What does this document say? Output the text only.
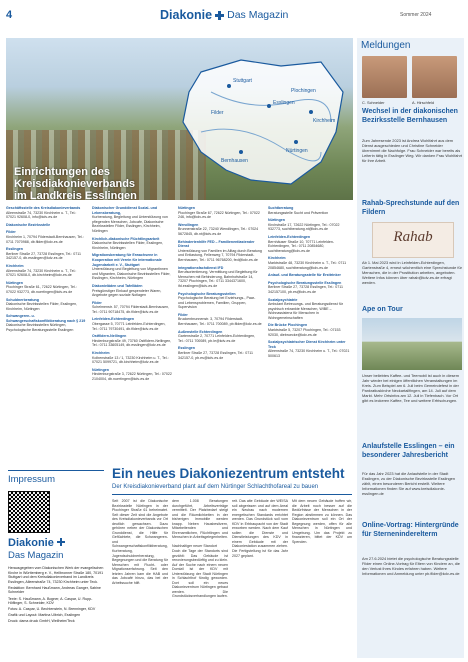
4	Diakonie Das Magazin	Sommer 2024
Stuttgart
Esslingen
Nürtingen
Kirchheim
Filder
Bernhausen
Plochingen
Einrichtungen des
Kreisdiakonieverbands
im Landkreis Esslingen
Geschäftsstelle des Kreisdiakonieverbands
Alleenstraße 74, 73230 Kirchheim u. T., Tel.: 07021 92608-0, info@kdv-es.de
Diakonische Bezirksstelle
Filder
Kirchheim 1, 70794 Filderstadt-Bernhausen, Tel.: 0711 7070988, db.filder@kdv-es.de
Esslingen
Berliner Straße 27, 73728 Esslingen, Tel.: 0711 342157-0, db.esslingen@kdv-es.de
Kirchheim
Alleenstraße 74, 73230 Kirchheim u. T., Tel.: 07021 92608-0, db.kirchheim@kdv-es.de
Nürtingen
Plochinger Straße 61, 72622 Nürtingen, Tel.: 07022 932773, db.nuertingen@kdv-es.de
Schuldnerberatung
Diakonische Bezirksstellen Filder, Esslingen, Kirchheim, Nürtingen
Schwangeren- u. Schwangerschaftskonfliktberatung nach § 219
Diakonische Bezirksstellen Nürtingen, Psychologische Beratungsstelle Esslingen
Diakonischer Grunddienst Sozial- und Lebensberatung,
Kurberatung, Begleitung und Unterstützung von pflegenden Menschen, Jobcafe, Diakonische Bezirksstellen Filder, Esslingen, Kirchheim, Nürtingen
Kirchlich-diakonische Flüchtlingsarbeit
Diakonische Bezirksstellen Filder, Esslingen, Kirchheim, Nürtingen
Migrationsberatung für Erwachsene in Kooperation mit Verein für internationale Jugendarbeit e. V., Stuttgart
Unterstützung und Begleitung von Migrantinnen und Migranten, Diakonische Bezirksstellen Filder, Esslingen, Kirchheim, Nürtingen
Diakonieläden und Tafelläden
Preisgünstiger Einkauf gespendeter Waren, Angebote gegen soziale Notlagen
Filder
Schelmenstr. 57, 70794 Filderstadt-Bernhausen, Tel.: 0711 90718475, db.filder@kdv-es.de
Leinfelden-Echterdingen
Obergasse 5, 70771 Leinfelden-Echterdingen, Tel.: 0711 79730491, db.filder@kdv-es.de
Ostfildern-Nellingen
Hindenburgstraße 49, 73760 Ostfildern-Nellingen, Tel.: 0711 33605149, db.esslingen@kdv-es.de
Kirchheim
Kolbenstraße 13 / 1, 73230 Kirchheim u. T., Tel.: 07021 5099721, db.kirchheim@kdv-es.de
Nürtingen
Hindenburgstraße 3, 72622 Nürtingen, Tel.: 07022 2104004, db.nuertingen@kdv-es.de
Nürtingen
Plochinger Straße 67, 72622 Nürtingen, Tel.: 07022 246, info@kdv-es.de
Wendlingen
Brunnenstraße 22, 73240 Wendlingen, Tel.: 07024 5672845, db.nt@kdv-es.de
Behindertenhilfe FED – Familienentlastender Dienst
Unterstützung von Familien im Alltag durch Beratung und Entlastung, Fellenweg 7, 70794 Filderstadt-Bernhausen, Tel.: 0711 96768200, fed@kdv-es.de
Integrationsfachdienst IFD
Berufsorientierung, Vermittlung und Begleitung für Menschen mit Behinderung, Bahnhofstraße 14, 73207 Plochingen, Tel.: 0711 3344371600, ifd.esslingen@kdv-es.de
Psychologische Beratungsstellen
Psychologische Beratung bei Erziehungs-, Paar- und Lebensproblemen, Familien, Gruppen, Supervision
Filder
Bruckenbrunnenstr. 3, 70794 Filderstadt-Bernhausen, Tel.: 0711 700089, pb.filder@kdv-es.de
Außenstelle Echterdingen
Gartenstraße 2, 70771 Leinfelden-Echterdingen, Tel.: 0711 700089, pb.le@kdv-es.de
Esslingen
Berliner Straße 27, 73728 Esslingen, Tel.: 0711 342157-0, pb.es@kdv-es.de
Suchtberatung
Beratungsstelle Sucht und Prävention
Nürtingen
Kirchstraße 17, 72622 Nürtingen, Tel.: 07022 932773, suchtberatung.nt@kdv-es.de
Leinfelden-Echterdingen
Bernhäuser Straße 10, 70771 Leinfelden-Echterdingen, Tel.: 0711 20854680, suchtberatung@kdv-es.de
Kirchheim
Marktstraße 48, 73230 Kirchheim u. T., Tel.: 0711 20854680, suchtberatung@kdv-es.de
Anlauf- und Beratungsstelle für Ersttrinker
Psychologische Beratungsstelle Esslingen
Berliner Straße 27, 73728 Esslingen, Tel.: 0711 342157100, pb.es@kdv-es.de
Sozialpsychiatrie
Ambulant Betreuungs- und Beratungsdienst für psychisch erkrankte Menschen, WIBE – Wohnassistenz für Menschen in Wohngemeinschaften
Die Brücke Plochingen
Marktstraße 5, 73207 Plochingen, Tel.: 07153 92030, diebruecke@kdv-es.de
Sozialpsychiatrischer Dienst Kirchheim unter Teck
Alleenstraße 74, 73230 Kirchheim u. T., Tel.: 07021 500613
Meldungen
C. Schneider	A. Hirschfeld
Wechsel in der diakonischen Bezirksstelle Bernhausen
Zum Jahresende 2023 ist Andrea Wohlfahrt aus dem Dienst ausgeschieden und Christine Schneider übernimmt die Nachfolge. Frau Schneider war bereits als Leiterin tätig in Esslinger Weg. Wir danken Frau Wohlfahrt für ihre Arbeit.
Rahab-Sprechstunde auf den Fildern
Rahab
Ab 1. Mai 2023 wird in Leinfelden-Echterdingen, Gartenstraße 4, erneut wöchentlich eine Sprechstunde für Menschen, die in der Prostitution arbeiten, angeboten. Weitere Infos können über rahab@kdv-es.de erfragt werden.
Ape on Tour
Unser beliebtes Kaffee- und Teemobil ist auch in diesem Jahr wieder bei einigen öffentlichen Veranstaltungen im Kreis. Zum Beispiel am 6. Juli beim Gemeindefest in der Pankratiuskirche Neckartailfingen, am 14. Juli auf dem Markt. Mehr Ortsinfos am 12. Juli in Tiefenbach. Vor Ort gibt es leckeren Kaffee, Tee und weitere Erfrischungen.
Anlaufstelle Esslingen – ein besonderer Jahresbericht
Für das Jahr 2023 hat die Anlaufstelle in der Stadt Esslingen, zu der Diakonische Bezirksstelle Esslingen zählt, einen besonderen Bericht erstellt. Weitere Informationen finden Sie auf www.kreisdiakonie-esslingen.de
Online-Vortrag: Hintergründe für Sterneninderelterm
Am 27.6.2024 bietet die psychologische Beratungsstelle Filder einen Online-Vortrag für Eltern von Kindern an, die den Verlust ihres Kindes erfahren haben. Weitere Informationen und Anmeldung unter pb.filder@kdv-es.de
Impressum
Diakonie
Das Magazin
Herausgegeben vom Diakonischen Werk der evangelischen Kirche in Württemberg e. V., Heilbronner Straße 180, 70191 Stuttgart und dem Kreisdiakonieverband im Landkreis Esslingen, Alleenstraße 74, 73230 Kirchheim unter Teck.
Redaktion: Bernhard Haußmann, Andreas Ganger, Sabine Schneider
Texte: S. Haußmann, A. Bogner, A. Caspar, U. Rupp-Höflinger, S. Schneider, KDV
Fotos: A. Caspar, U. Bechtenstein, N. Brenninger, KDV
Grafik und Layout: Martina Ulbrich, Esslingen
Druck: dama druck GmbH, Weilheim/Teck
Ein neues Diakoniezentrum entsteht
Der Kreisdiakonieverband plant auf dem Nürtinger Schlachthofareal zu bauen
Seit 2007 ist die Diakonische Bezirksstelle Nürtingen in der Plochinger Straße 61 beheimatet. Seit dieser Zeit sind die Angebote des Kreisdiakonieverbands vor Ort deutlich gewachsen. Dazu gehören neben der Diakonischen Grunddienst, die Hilfe für Geflüchtete, die Schwangeren- und Schwangerschaftskonfliktberatung, Kurberatung, Jugendschuldnerberatung, Begegnungen und die Beratung für Menschen mit Flucht- oder Migrationserfahrung. Seit den letzten Jahren kam die HAB und das Jobcafé hinzu, das bei der Arbeitssuche hilft.
dem 1.008 Beratungen durchgeführt, Arbeitsverträge vermittelt. Der Platzbedarf steigt und die Räumlichkeiten in der bisherigen Immobilie werden knapp. Neben Hausbesitzern, Mitarbeitenden und Ehrenamtlichen, Flüchtlingen und Menschen in Arbeitsgelegenheiten.

Nachhaltiger neuer Standort
Doch die Tage der Standorts sind gezählt: Das Gebäude ist renovierungsbedürftig und zu klein. Auf der Suche nach einem neuen Domizil ist der KDV mit Unterstützung der Stadt Nürtingen in Schlachthof fündig geworden. Dort soll ein neues Diakoniezentrum Nürtingen gebaut werden. Die Grundstücksverhandlungen laufen.
reit. Das alte Gebäude der WEISA soll abgerissen und auf dem Areal ein Neubau nach modernen energetischen Standards errichtet werden. Das Grundstück soll vom KDV in Erbbaupacht von der Stadt erworben werden. Nach dem Kauf sollen die Dienste und Dienstleistungen des KDV in einem Gebäude mit der Diakoniestation zusammen ziehen. Die Fertigstellung ist für das Jahr 2027 geplant.
Mit dem neuen Gebäude hoffen wir, die Arbeit noch besser auf die Bedürfnisse der Menschen in der Region abstimmen zu können. Das Diakoniezentrum soll ein Ort der Begegnung werden, offen für alle Menschen in Nürtingen und Umgebung. Um das Projekt zu finanzieren, bittet der KDV um Spenden.
